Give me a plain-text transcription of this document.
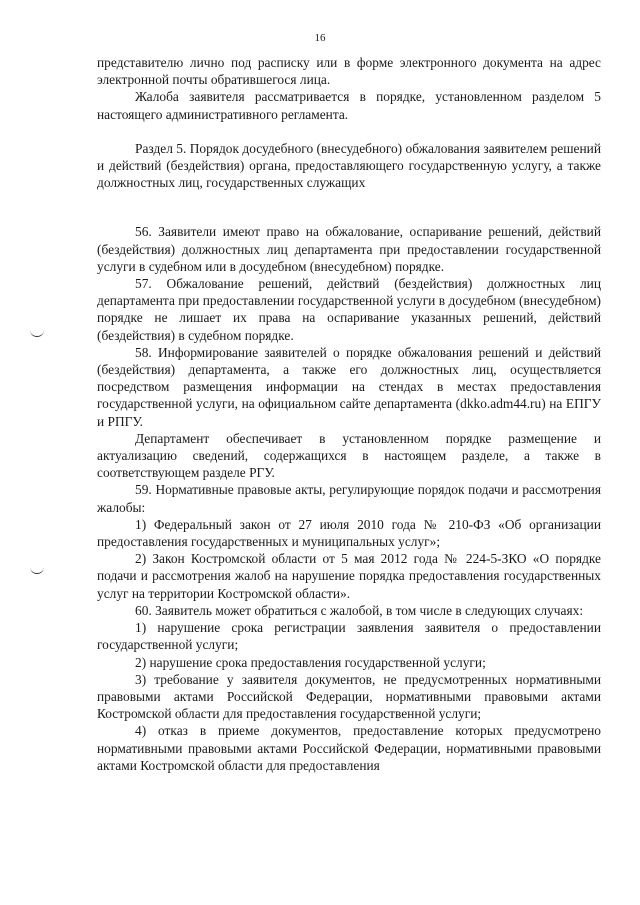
16

представителю лично под расписку или в форме электронного документа на адрес электронной почты обратившегося лица.

Жалоба заявителя рассматривается в порядке, установленном разделом 5 настоящего административного регламента.

Раздел 5. Порядок досудебного (внесудебного) обжалования заявителем решений и действий (бездействия) органа, предоставляющего государственную услугу, а также должностных лиц, государственных служащих

56. Заявители имеют право на обжалование, оспаривание решений, действий (бездействия) должностных лиц департамента при предоставлении государственной услуги в судебном или в досудебном (внесудебном) порядке.

57. Обжалование решений, действий (бездействия) должностных лиц департамента при предоставлении государственной услуги в досудебном (внесудебном) порядке не лишает их права на оспаривание указанных решений, действий (бездействия) в судебном порядке.

58. Информирование заявителей о порядке обжалования решений и действий (бездействия) департамента, а также его должностных лиц, осуществляется посредством размещения информации на стендах в местах предоставления государственной услуги, на официальном сайте департамента (dkko.adm44.ru) на ЕПГУ и РПГУ.

Департамент обеспечивает в установленном порядке размещение и актуализацию сведений, содержащихся в настоящем разделе, а также в соответствующем разделе РГУ.

59. Нормативные правовые акты, регулирующие порядок подачи и рассмотрения жалобы:

1) Федеральный закон от 27 июля 2010 года № 210-ФЗ «Об организации предоставления государственных и муниципальных услуг»;

2) Закон Костромской области от 5 мая 2012 года № 224-5-ЗКО «О порядке подачи и рассмотрения жалоб на нарушение порядка предоставления государственных услуг на территории Костромской области».

60. Заявитель может обратиться с жалобой, в том числе в следующих случаях:

1) нарушение срока регистрации заявления заявителя о предоставлении государственной услуги;

2) нарушение срока предоставления государственной услуги;

3) требование у заявителя документов, не предусмотренных нормативными правовыми актами Российской Федерации, нормативными правовыми актами Костромской области для предоставления государственной услуги;

4) отказ в приеме документов, предоставление которых предусмотрено нормативными правовыми актами Российской Федерации, нормативными правовыми актами Костромской области для предоставления
